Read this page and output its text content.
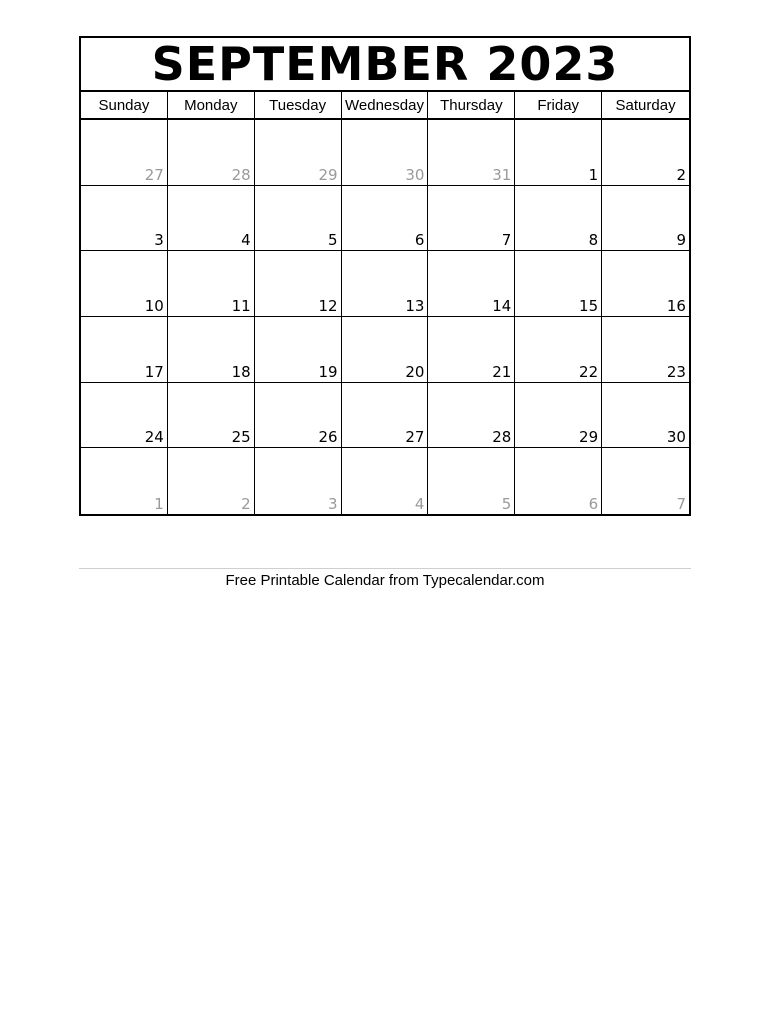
SEPTEMBER 2023
Sunday	Monday	Tuesday	Wednesday	Thursday	Friday	Saturday
27	28	29	30	31	1	2
3	4	5	6	7	8	9
10	11	12	13	14	15	16
17	18	19	20	21	22	23
24	25	26	27	28	29	30
1	2	3	4	5	6	7
Free Printable Calendar from Typecalendar.com
